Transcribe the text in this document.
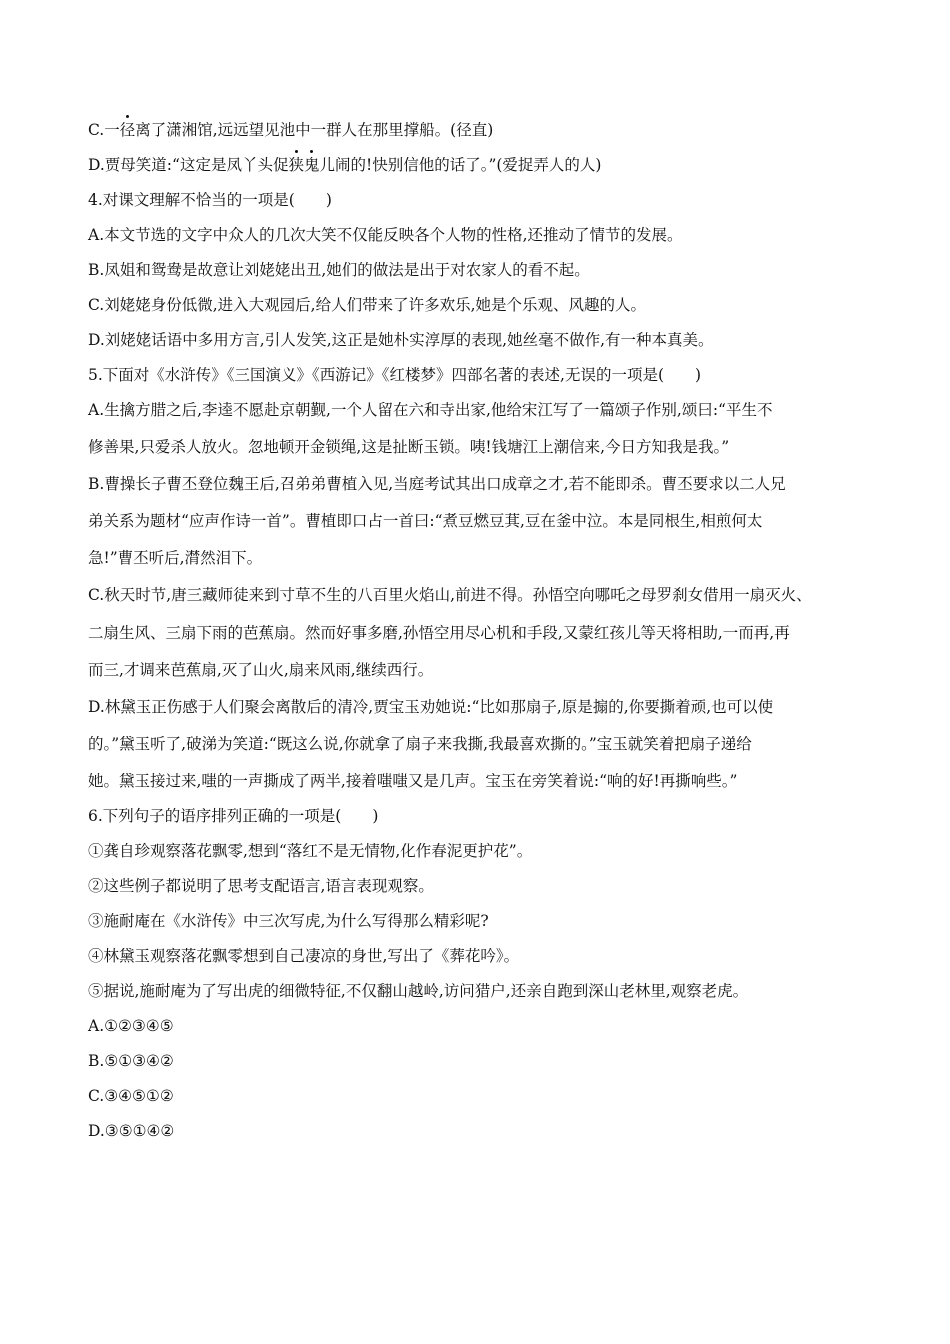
C.一径离了潇湘馆,远远望见池中一群人在那里撑船。(径直)
D.贾母笑道:“这定是凤丫头促狭鬼儿闹的!快别信他的话了。”(爱捉弄人的人)
4.对课文理解不恰当的一项是(　　)
A.本文节选的文字中众人的几次大笑不仅能反映各个人物的性格,还推动了情节的发展。
B.凤姐和鸳鸯是故意让刘姥姥出丑,她们的做法是出于对农家人的看不起。
C.刘姥姥身份低微,进入大观园后,给人们带来了许多欢乐,她是个乐观、风趣的人。
D.刘姥姥话语中多用方言,引人发笑,这正是她朴实淳厚的表现,她丝毫不做作,有一种本真美。
5.下面对《水浒传》《三国演义》《西游记》《红楼梦》四部名著的表述,无误的一项是(　　)
A.生擒方腊之后,李逵不愿赴京朝觐,一个人留在六和寺出家,他给宋江写了一篇颂子作别,颂曰:“平生不
修善果,只爱杀人放火。忽地顿开金锁绳,这是扯断玉锁。咦!钱塘江上潮信来,今日方知我是我。”
B.曹操长子曹丕登位魏王后,召弟弟曹植入见,当庭考试其出口成章之才,若不能即杀。曹丕要求以二人兄
弟关系为题材“应声作诗一首”。曹植即口占一首曰:“煮豆燃豆萁,豆在釜中泣。本是同根生,相煎何太
急!”曹丕听后,潸然泪下。
C.秋天时节,唐三藏师徒来到寸草不生的八百里火焰山,前进不得。孙悟空向哪吒之母罗刹女借用一扇灭火、
二扇生风、三扇下雨的芭蕉扇。然而好事多磨,孙悟空用尽心机和手段,又蒙红孩儿等天将相助,一而再,再
而三,才调来芭蕉扇,灭了山火,扇来风雨,继续西行。
D.林黛玉正伤感于人们聚会离散后的清冷,贾宝玉劝她说:“比如那扇子,原是搧的,你要撕着顽,也可以使
的。”黛玉听了,破涕为笑道:“既这么说,你就拿了扇子来我撕,我最喜欢撕的。”宝玉就笑着把扇子递给
她。黛玉接过来,嗤的一声撕成了两半,接着嗤嗤又是几声。宝玉在旁笑着说:“响的好!再撕响些。”
6.下列句子的语序排列正确的一项是(　　)
①龚自珍观察落花飘零,想到“落红不是无情物,化作春泥更护花”。
②这些例子都说明了思考支配语言,语言表现观察。
③施耐庵在《水浒传》中三次写虎,为什么写得那么精彩呢?
④林黛玉观察落花飘零想到自己凄凉的身世,写出了《葬花吟》。
⑤据说,施耐庵为了写出虎的细微特征,不仅翻山越岭,访问猎户,还亲自跑到深山老林里,观察老虎。
A.①②③④⑤
B.⑤①③④②
C.③④⑤①②
D.③⑤①④②
